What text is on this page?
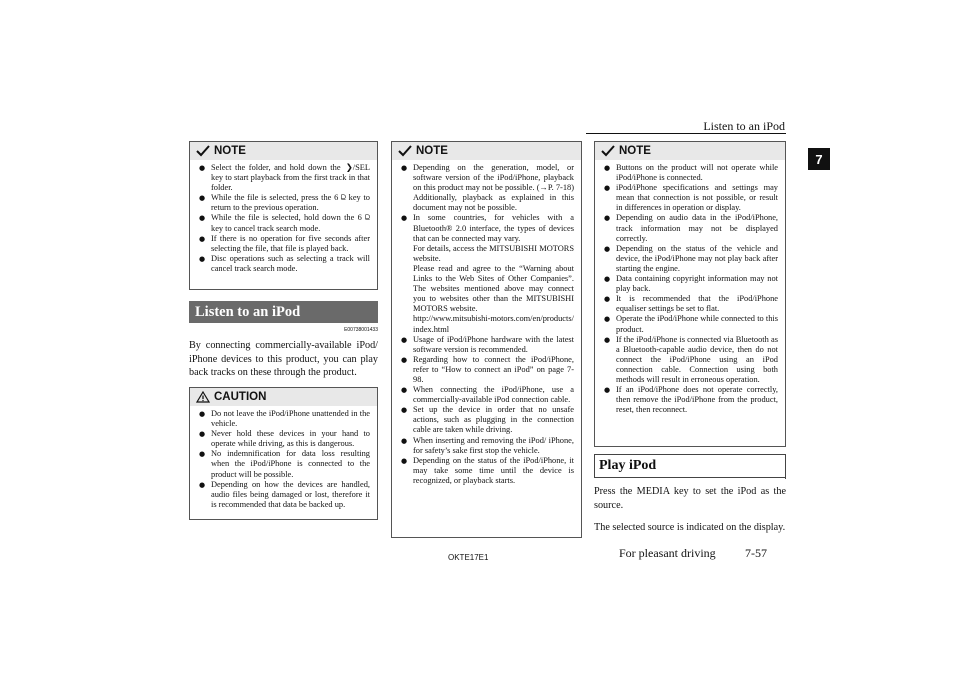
Listen to an iPod
7
NOTE
● Select the folder, and hold down the  ❯/SEL key to start playback from the first track in that folder.
● While the file is selected, press the 6 ⫒ key to return to the previous operation.
● While the file is selected, hold down the 6 ⫒ key to cancel track search mode.
● If there is no operation for five seconds after selecting the file, that file is played back.
● Disc operations such as selecting a track will cancel track search mode.
Listen to an iPod
E00738001433
By connecting commercially-available iPod/ iPhone devices to this product, you can play back tracks on these through the product.
CAUTION
● Do not leave the iPod/iPhone unattended in the vehicle.
● Never hold these devices in your hand to operate while driving, as this is dangerous.
● No indemnification for data loss resulting when the iPod/iPhone is connected to the product will be possible.
● Depending on how the devices are handled, audio files being damaged or lost, therefore it is recommended that data be backed up.
NOTE
● Depending on the generation, model, or software version of the iPod/iPhone, playback on this product may not be possible. (→P. 7-18) Additionally, playback as explained in this document may not be possible.
● In some countries, for vehicles with a Bluetooth® 2.0 interface, the types of devices that can be connected may vary.
For details, access the MITSUBISHI MOTORS website.
Please read and agree to the “Warning about Links to the Web Sites of Other Companies”. The websites mentioned above may connect you to websites other than the MITSUBISHI MOTORS website.
http://www.mitsubishi-motors.com/en/products/ index.html
● Usage of iPod/iPhone hardware with the latest software version is recommended.
● Regarding how to connect the iPod/iPhone, refer to “How to connect an iPod” on page 7-98.
● When connecting the iPod/iPhone, use a commercially-available iPod connection cable.
● Set up the device in order that no unsafe actions, such as plugging in the connection cable are taken while driving.
● When inserting and removing the iPod/ iPhone, for safety’s sake first stop the vehicle.
● Depending on the status of the iPod/iPhone, it may take some time until the device is recognized, or playback starts.
NOTE
● Buttons on the product will not operate while iPod/iPhone is connected.
● iPod/iPhone specifications and settings may mean that connection is not possible, or result in differences in operation or display.
● Depending on audio data in the iPod/iPhone, track information may not be displayed correctly.
● Depending on the status of the vehicle and device, the iPod/iPhone may not play back after starting the engine.
● Data containing copyright information may not play back.
● It is recommended that the iPod/iPhone equaliser settings be set to flat.
● Operate the iPod/iPhone while connected to this product.
● If the iPod/iPhone is connected via Bluetooth as a Bluetooth-capable audio device, then do not connect the iPod/iPhone using an iPod connection cable. Connection using both methods will result in erroneous operation.
● If an iPod/iPhone does not operate correctly, then remove the iPod/iPhone from the product, reset, then reconnect.
Play iPod
Press the MEDIA key to set the iPod as the source.
The selected source is indicated on the display.
OKTE17E1	For pleasant driving 7-57
